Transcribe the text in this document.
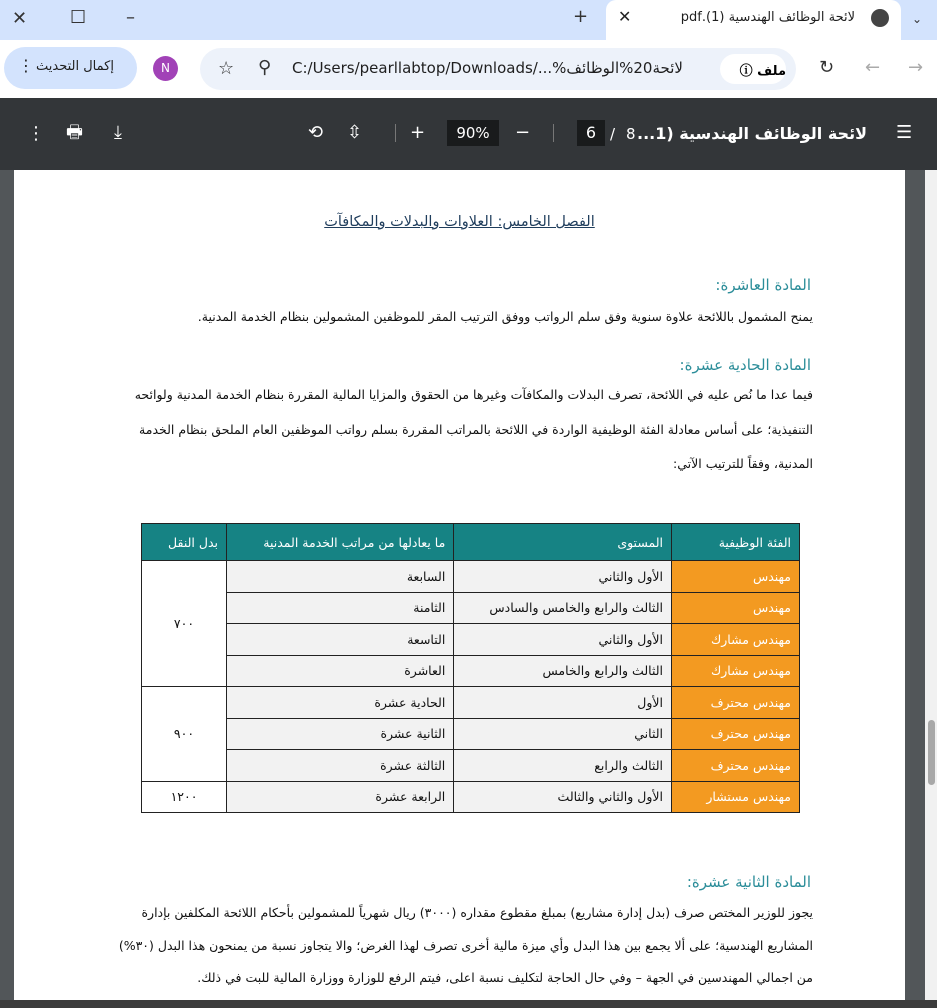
✕ ☐ –	+ ✕	لائحة الوظائف الهندسية (1).pdf	⌄
إكمال التحديث
⋮	N	☆ ⚲ C:/Users/pearllabtop/Downloads/...%لائحة20%الوظائف	ملف ⓘ	↻ ← →
⋮ 🖶 ⤓	⟲ ⇳	+	90%	−	6 / 8 لائحة الوظائف الهندسية (1... ☰
الفصل الخامس: العلاوات والبدلات والمكافآت
المادة العاشرة:
يمنح المشمول باللائحة علاوة سنوية وفق سلم الرواتب ووفق الترتيب المقر للموظفين المشمولين بنظام الخدمة المدنية.
المادة الحادية عشرة:
فيما عدا ما نُص عليه في اللائحة، تصرف البدلات والمكافآت وغيرها من الحقوق والمزايا المالية المقررة بنظام الخدمة المدنية ولوائحه
التنفيذية؛ على أساس معادلة الفئة الوظيفية الواردة في اللائحة بالمراتب المقررة بسلم رواتب الموظفين العام الملحق بنظام الخدمة
المدنية، وفقاً للترتيب الآتي:
الفئة الوظيفية	المستوى	ما يعادلها من مراتب الخدمة المدنية	بدل النقل
مهندس	الأول والثاني	السابعة	٧٠٠
مهندس	الثالث والرابع والخامس والسادس	الثامنة	
مهندس مشارك	الأول والثاني	التاسعة	
مهندس مشارك	الثالث والرابع والخامس	العاشرة	
مهندس محترف	الأول	الحادية عشرة	٩٠٠
مهندس محترف	الثاني	الثانية عشرة	
مهندس محترف	الثالث والرابع	الثالثة عشرة	
مهندس مستشار	الأول والثاني والثالث	الرابعة عشرة	١٢٠٠
المادة الثانية عشرة:
يجوز للوزير المختص صرف (بدل إدارة مشاريع) بمبلغ مقطوع مقداره (٣٠٠٠) ريال شهرياً للمشمولين بأحكام اللائحة المكلفين بإدارة
المشاريع الهندسية؛ على ألا يجمع بين هذا البدل وأي ميزة مالية أخرى تصرف لهذا الغرض؛ والا يتجاوز نسبة من يمنحون هذا البدل (٣٠%)
من اجمالي المهندسين في الجهة – وفي حال الحاجة لتكليف نسبة اعلى، فيتم الرفع للوزارة ووزارة المالية للبت في ذلك.
